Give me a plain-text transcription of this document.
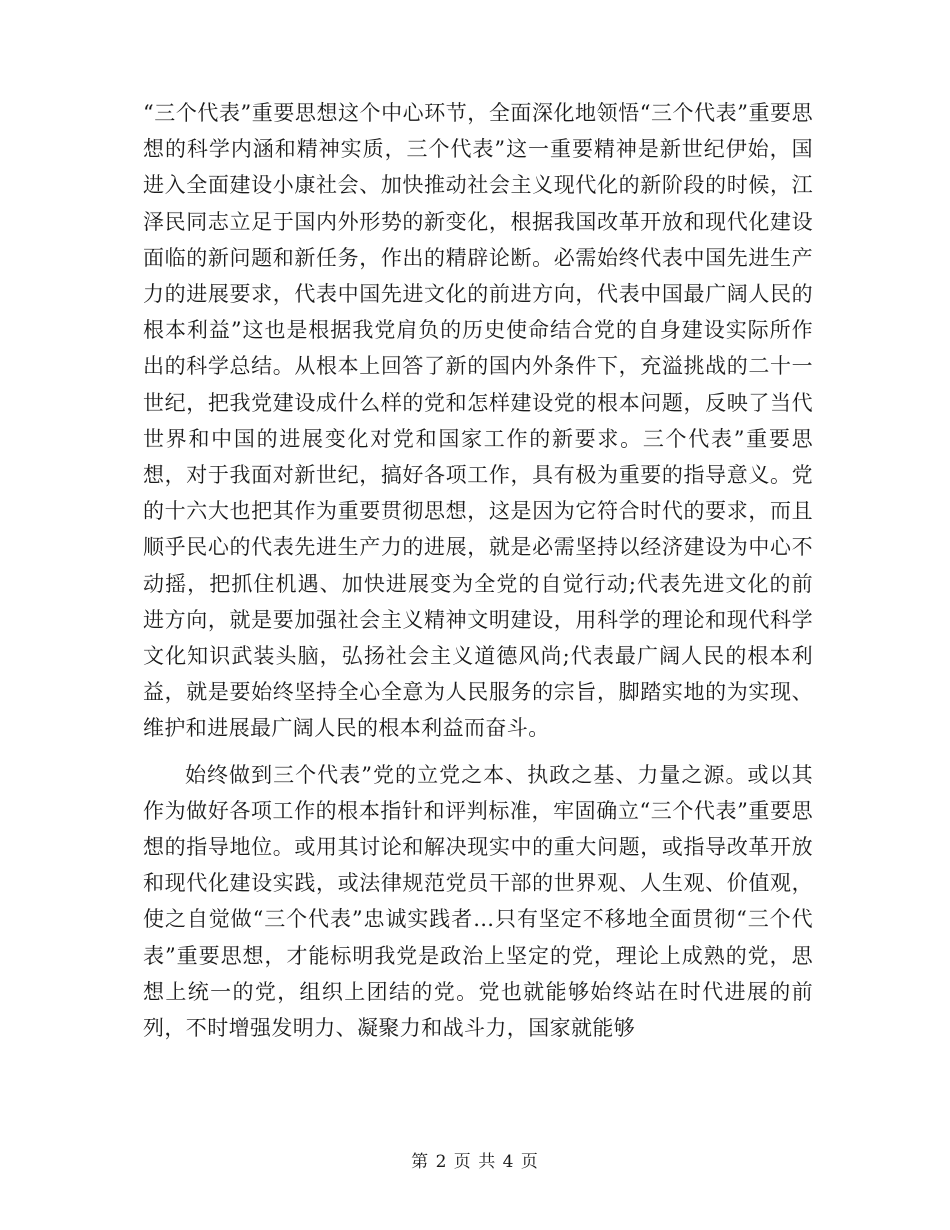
“三个代表”重要思想这个中心环节，全面深化地领悟“三个代表”重要思想的科学内涵和精神实质，三个代表”这一重要精神是新世纪伊始，国进入全面建设小康社会、加快推动社会主义现代化的新阶段的时候，江泽民同志立足于国内外形势的新变化，根据我国改革开放和现代化建设面临的新问题和新任务，作出的精辟论断。必需始终代表中国先进生产力的进展要求，代表中国先进文化的前进方向，代表中国最广阔人民的根本利益”这也是根据我党肩负的历史使命结合党的自身建设实际所作出的科学总结。从根本上回答了新的国内外条件下，充溢挑战的二十一世纪，把我党建设成什么样的党和怎样建设党的根本问题，反映了当代世界和中国的进展变化对党和国家工作的新要求。三个代表”重要思想，对于我面对新世纪，搞好各项工作，具有极为重要的指导意义。党的十六大也把其作为重要贯彻思想，这是因为它符合时代的要求，而且顺乎民心的代表先进生产力的进展，就是必需坚持以经济建设为中心不动摇，把抓住机遇、加快进展变为全党的自觉行动;代表先进文化的前进方向，就是要加强社会主义精神文明建设，用科学的理论和现代科学文化知识武装头脑，弘扬社会主义道德风尚;代表最广阔人民的根本利益，就是要始终坚持全心全意为人民服务的宗旨，脚踏实地的为实现、维护和进展最广阔人民的根本利益而奋斗。

始终做到三个代表”党的立党之本、执政之基、力量之源。或以其作为做好各项工作的根本指针和评判标准，牢固确立“三个代表”重要思想的指导地位。或用其讨论和解决现实中的重大问题，或指导改革开放和现代化建设实践，或法律规范党员干部的世界观、人生观、价值观，使之自觉做“三个代表”忠诚实践者…只有坚定不移地全面贯彻“三个代表”重要思想，才能标明我党是政治上坚定的党，理论上成熟的党，思想上统一的党，组织上团结的党。党也就能够始终站在时代进展的前列，不时增强发明力、凝聚力和战斗力，国家就能够

第 2 页 共 4 页
